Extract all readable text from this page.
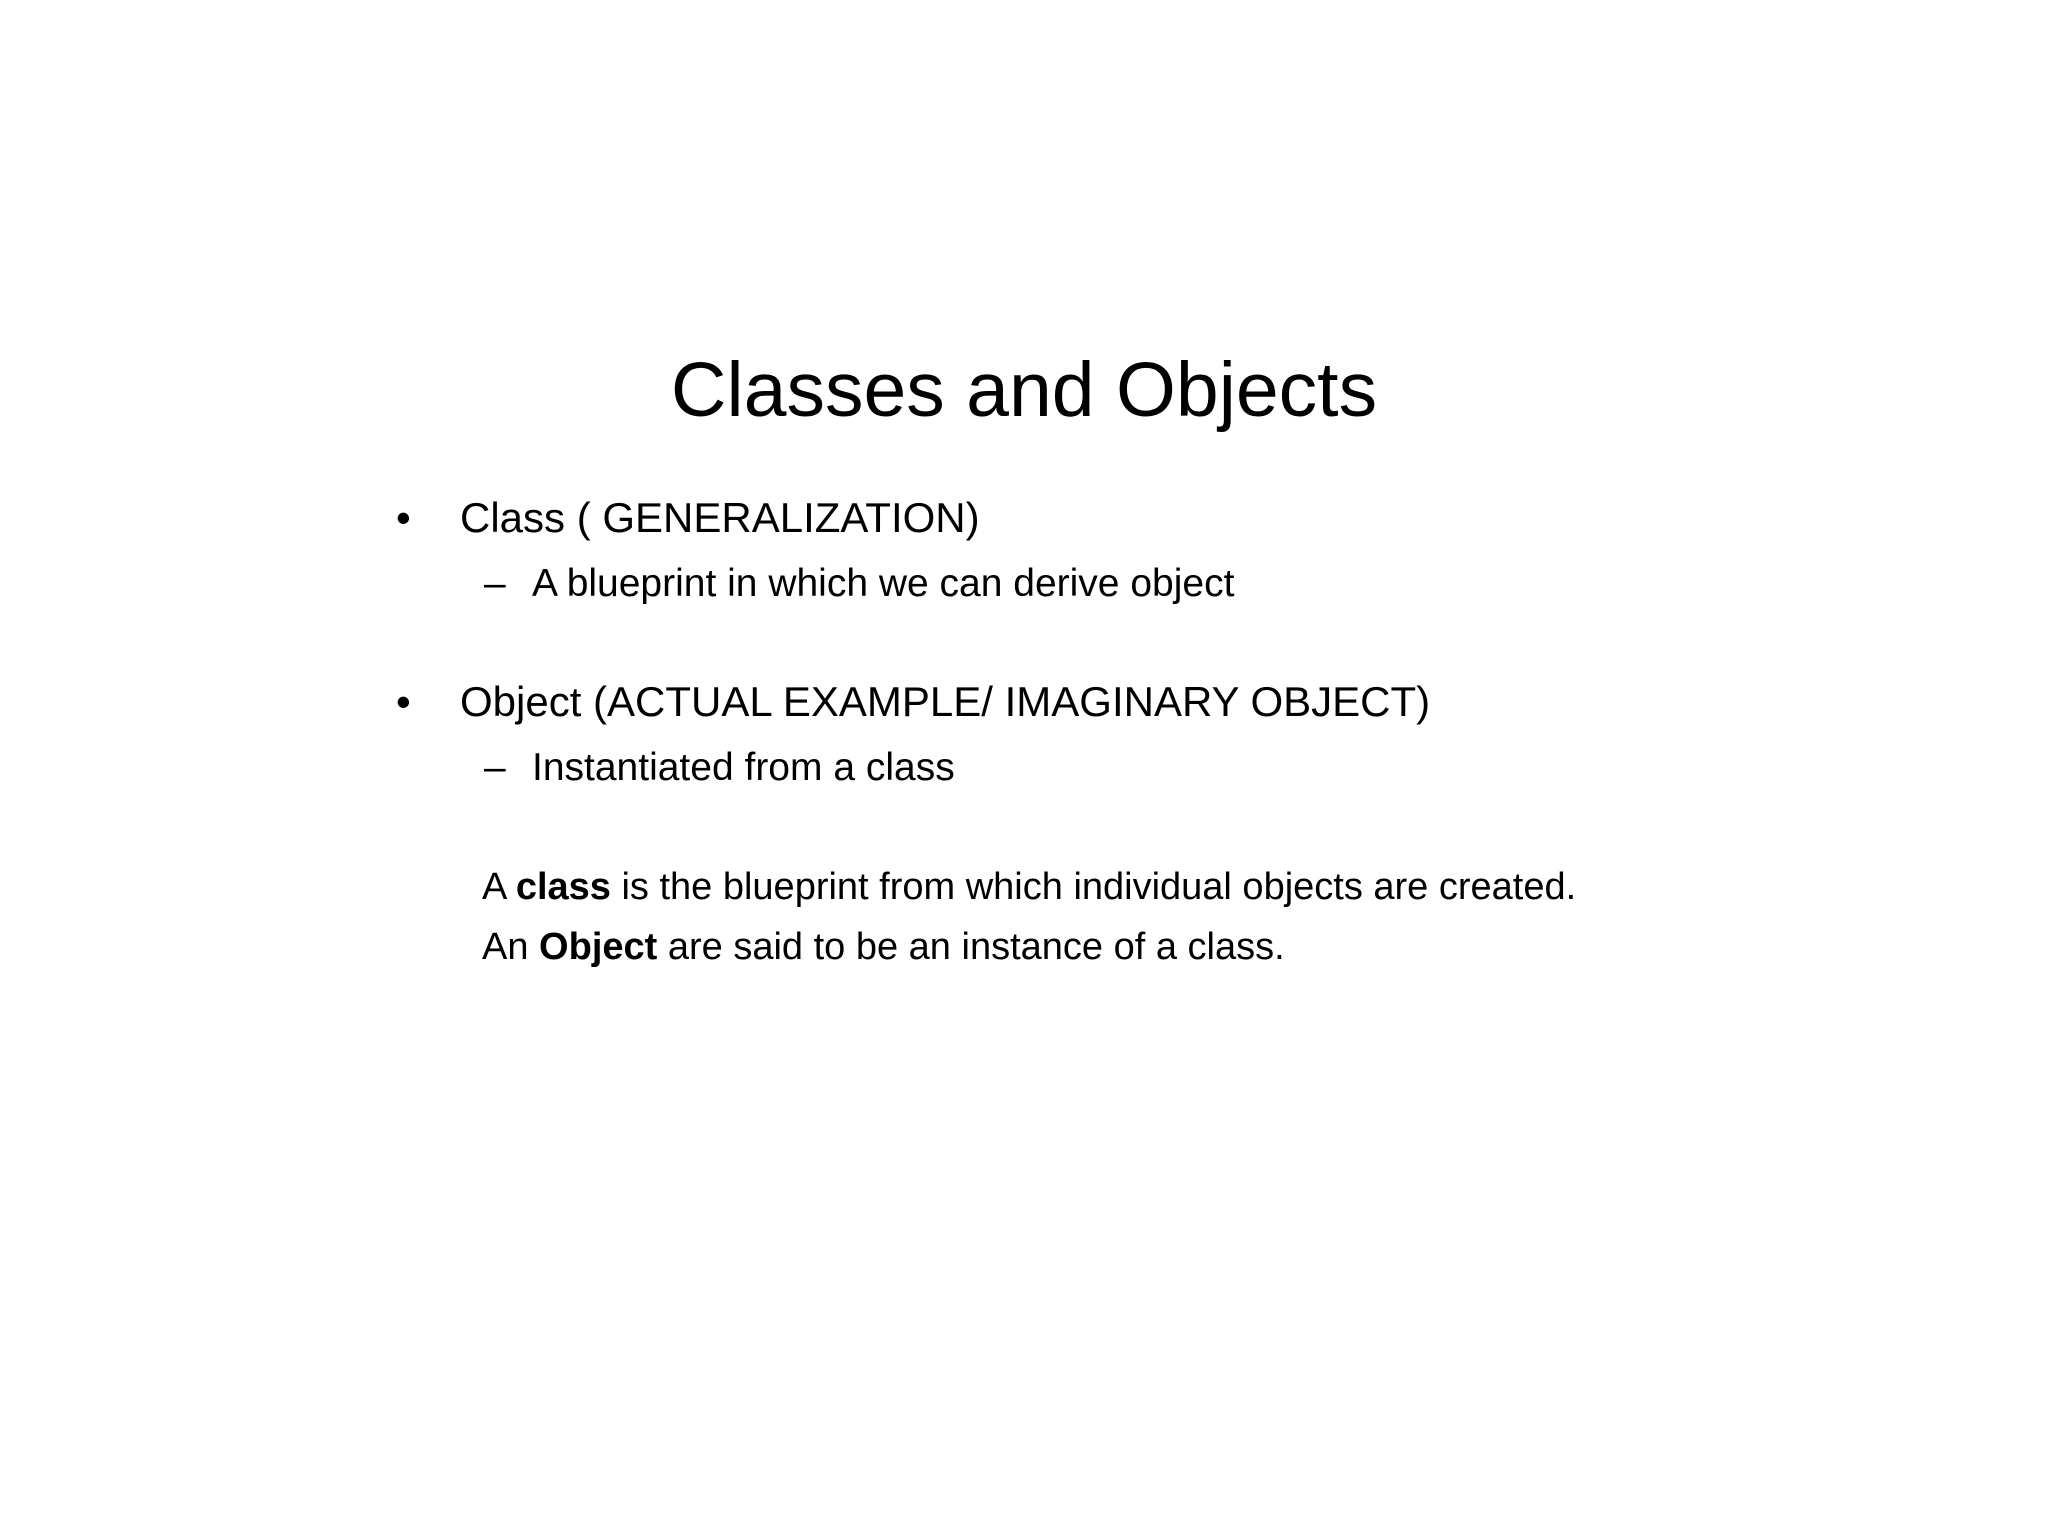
Classes and Objects
• Class ( GENERALIZATION)
– A blueprint in which we can derive object
• Object (ACTUAL EXAMPLE/ IMAGINARY OBJECT)
– Instantiated from a class
A class is the blueprint from which individual objects are created.
An Object are said to be an instance of a class.
